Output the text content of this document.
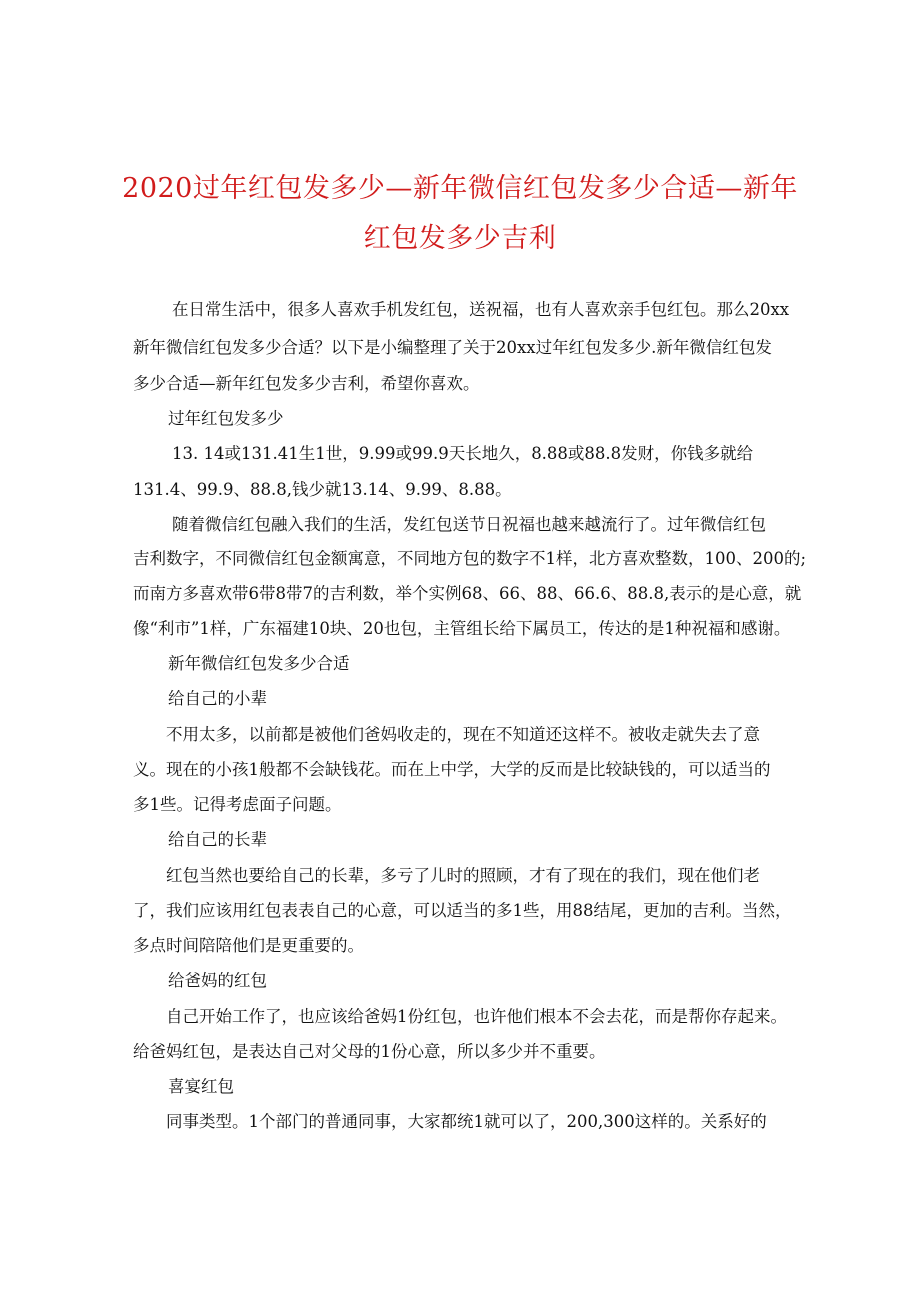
2020过年红包发多少—新年微信红包发多少合适—新年
红包发多少吉利
在日常生活中，很多人喜欢手机发红包，送祝福，也有人喜欢亲手包红包。那么20xx
新年微信红包发多少合适？以下是小编整理了关于20xx过年红包发多少.新年微信红包发
多少合适—新年红包发多少吉利，希望你喜欢。
过年红包发多少
13. 14或131.41生1世，9.99或99.9天长地久，8.88或88.8发财，你钱多就给
131.4、99.9、88.8,钱少就13.14、9.99、8.88。
随着微信红包融入我们的生活，发红包送节日祝福也越来越流行了。过年微信红包
吉利数字，不同微信红包金额寓意，不同地方包的数字不1样，北方喜欢整数，100、200的;
而南方多喜欢带6带8带7的吉利数，举个实例68、66、88、66.6、88.8,表示的是心意，就
像“利市”1样，广东福建10块、20也包，主管组长给下属员工，传达的是1种祝福和感谢。
新年微信红包发多少合适
给自己的小辈
不用太多，以前都是被他们爸妈收走的，现在不知道还这样不。被收走就失去了意
义。现在的小孩1般都不会缺钱花。而在上中学，大学的反而是比较缺钱的，可以适当的
多1些。记得考虑面子问题。
给自己的长辈
红包当然也要给自己的长辈，多亏了儿时的照顾，才有了现在的我们，现在他们老
了，我们应该用红包表表自己的心意，可以适当的多1些，用88结尾，更加的吉利。当然，
多点时间陪陪他们是更重要的。
给爸妈的红包
自己开始工作了，也应该给爸妈1份红包，也许他们根本不会去花，而是帮你存起来。
给爸妈红包，是表达自己对父母的1份心意，所以多少并不重要。
喜宴红包
同事类型。1个部门的普通同事，大家都统1就可以了，200,300这样的。关系好的
